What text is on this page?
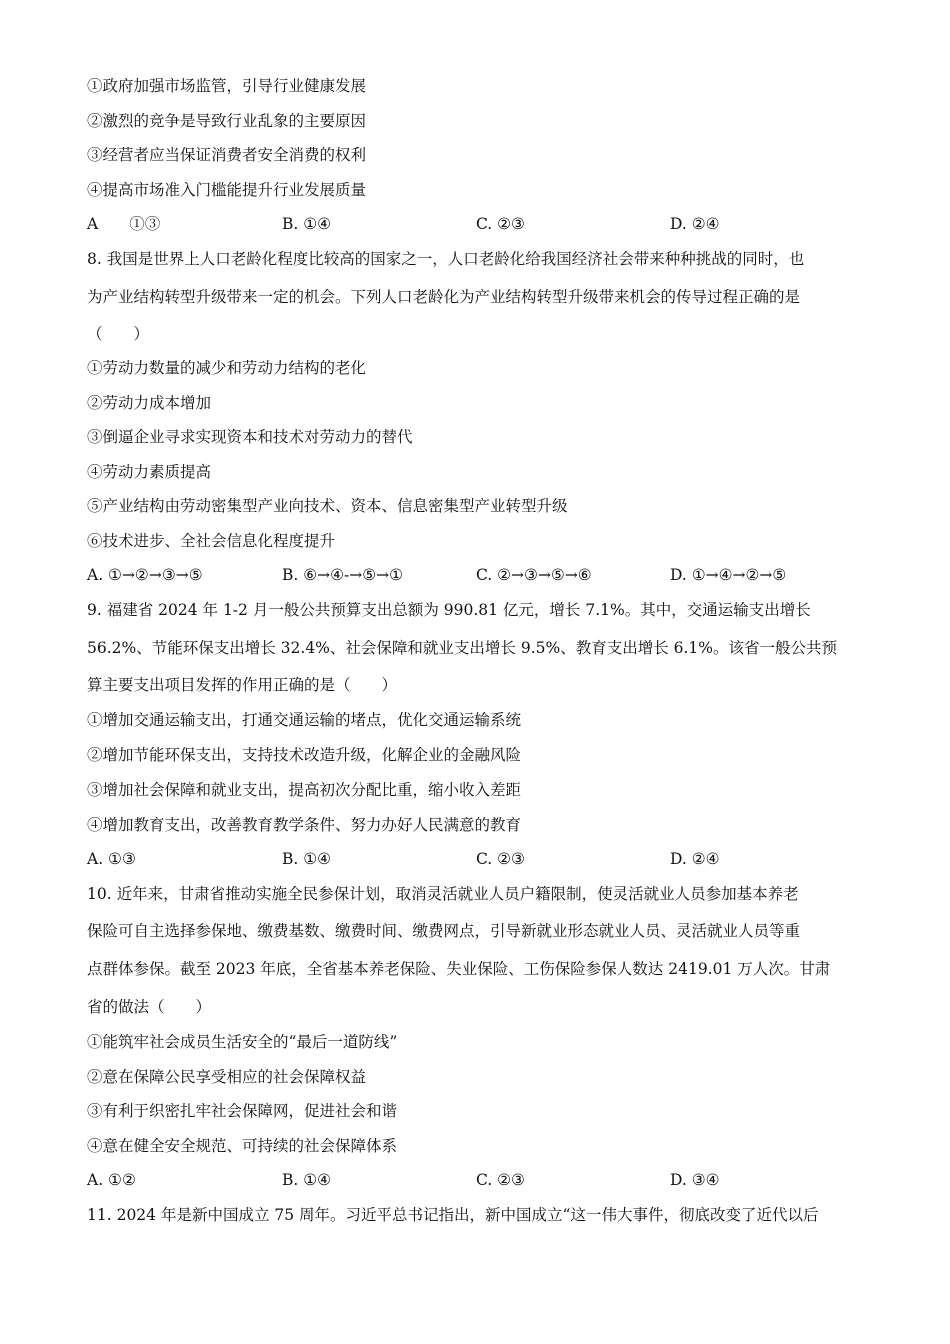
①政府加强市场监管，引导行业健康发展
②激烈的竞争是导致行业乱象的主要原因
③经营者应当保证消费者安全消费的权利
④提高市场准入门槛能提升行业发展质量
A　　①③	B. ①④	C. ②③	D. ②④
8. 我国是世界上人口老龄化程度比较高的国家之一，人口老龄化给我国经济社会带来种种挑战的同时，也
为产业结构转型升级带来一定的机会。下列人口老龄化为产业结构转型升级带来机会的传导过程正确的是
（　　）
①劳动力数量的减少和劳动力结构的老化
②劳动力成本增加
③倒逼企业寻求实现资本和技术对劳动力的替代
④劳动力素质提高
⑤产业结构由劳动密集型产业向技术、资本、信息密集型产业转型升级
⑥技术进步、全社会信息化程度提升
A. ①→②→③→⑤	B. ⑥→④-→⑤→①	C. ②→③→⑤→⑥	D. ①→④→②→⑤
9. 福建省 2024 年 1-2 月一般公共预算支出总额为 990.81 亿元，增长 7.1%。其中，交通运输支出增长
56.2%、节能环保支出增长 32.4%、社会保障和就业支出增长 9.5%、教育支出增长 6.1%。该省一般公共预
算主要支出项目发挥的作用正确的是（　　）
①增加交通运输支出，打通交通运输的堵点，优化交通运输系统
②增加节能环保支出，支持技术改造升级，化解企业的金融风险
③增加社会保障和就业支出，提高初次分配比重，缩小收入差距
④增加教育支出，改善教育教学条件、努力办好人民满意的教育
A. ①③	B. ①④	C. ②③	D. ②④
10. 近年来，甘肃省推动实施全民参保计划，取消灵活就业人员户籍限制，使灵活就业人员参加基本养老
保险可自主选择参保地、缴费基数、缴费时间、缴费网点，引导新就业形态就业人员、灵活就业人员等重
点群体参保。截至 2023 年底，全省基本养老保险、失业保险、工伤保险参保人数达 2419.01 万人次。甘肃
省的做法（　　）
①能筑牢社会成员生活安全的“最后一道防线”
②意在保障公民享受相应的社会保障权益
③有利于织密扎牢社会保障网，促进社会和谐
④意在健全安全规范、可持续的社会保障体系
A. ①②	B. ①④	C. ②③	D. ③④
11. 2024 年是新中国成立 75 周年。习近平总书记指出，新中国成立“这一伟大事件，彻底改变了近代以后
